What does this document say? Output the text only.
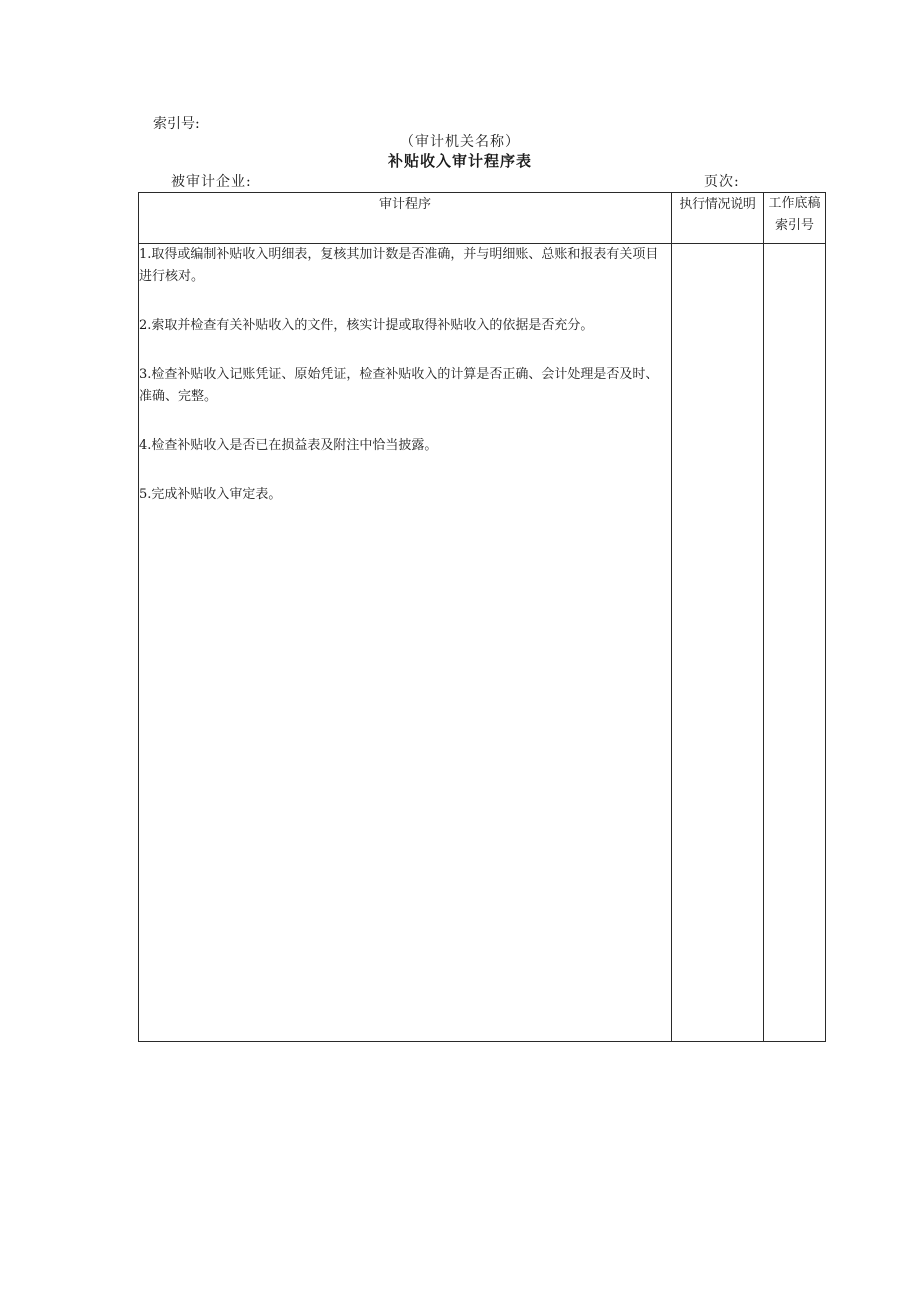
索引号:
（审计机关名称）
补贴收入审计程序表
被审计企业:	页次:
审计程序	执行情况说明	工作底稿
索引号

1.取得或编制补贴收入明细表，复核其加计数是否准确，并与明细账、总账和报表有关项目进行核对。
2.索取并检查有关补贴收入的文件，核实计提或取得补贴收入的依据是否充分。
3.检查补贴收入记账凭证、原始凭证，检查补贴收入的计算是否正确、会计处理是否及时、准确、完整。
4.检查补贴收入是否已在损益表及附注中恰当披露。
5.完成补贴收入审定表。		
